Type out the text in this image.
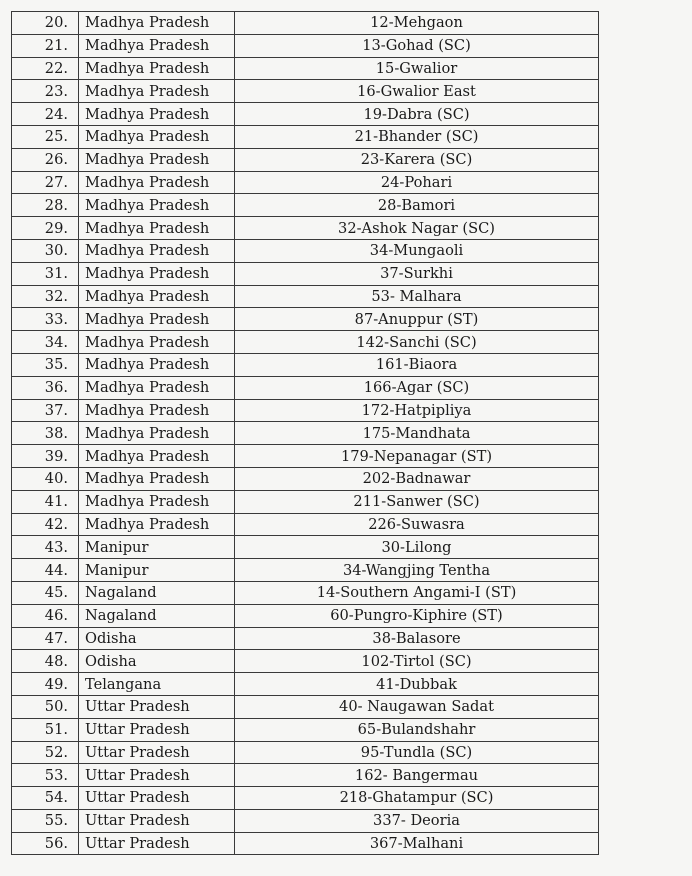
20.	Madhya Pradesh	12-Mehgaon
21.	Madhya Pradesh	13-Gohad (SC)
22.	Madhya Pradesh	15-Gwalior
23.	Madhya Pradesh	16-Gwalior East
24.	Madhya Pradesh	19-Dabra (SC)
25.	Madhya Pradesh	21-Bhander (SC)
26.	Madhya Pradesh	23-Karera (SC)
27.	Madhya Pradesh	24-Pohari
28.	Madhya Pradesh	28-Bamori
29.	Madhya Pradesh	32-Ashok Nagar (SC)
30.	Madhya Pradesh	34-Mungaoli
31.	Madhya Pradesh	37-Surkhi
32.	Madhya Pradesh	53- Malhara
33.	Madhya Pradesh	87-Anuppur (ST)
34.	Madhya Pradesh	142-Sanchi (SC)
35.	Madhya Pradesh	161-Biaora
36.	Madhya Pradesh	166-Agar (SC)
37.	Madhya Pradesh	172-Hatpipliya
38.	Madhya Pradesh	175-Mandhata
39.	Madhya Pradesh	179-Nepanagar (ST)
40.	Madhya Pradesh	202-Badnawar
41.	Madhya Pradesh	211-Sanwer (SC)
42.	Madhya Pradesh	226-Suwasra
43.	Manipur	30-Lilong
44.	Manipur	34-Wangjing Tentha
45.	Nagaland	14-Southern Angami-I (ST)
46.	Nagaland	60-Pungro-Kiphire (ST)
47.	Odisha	38-Balasore
48.	Odisha	102-Tirtol (SC)
49.	Telangana	41-Dubbak
50.	Uttar Pradesh	40- Naugawan Sadat
51.	Uttar Pradesh	65-Bulandshahr
52.	Uttar Pradesh	95-Tundla (SC)
53.	Uttar Pradesh	162- Bangermau
54.	Uttar Pradesh	218-Ghatampur (SC)
55.	Uttar Pradesh	337- Deoria
56.	Uttar Pradesh	367-Malhani
